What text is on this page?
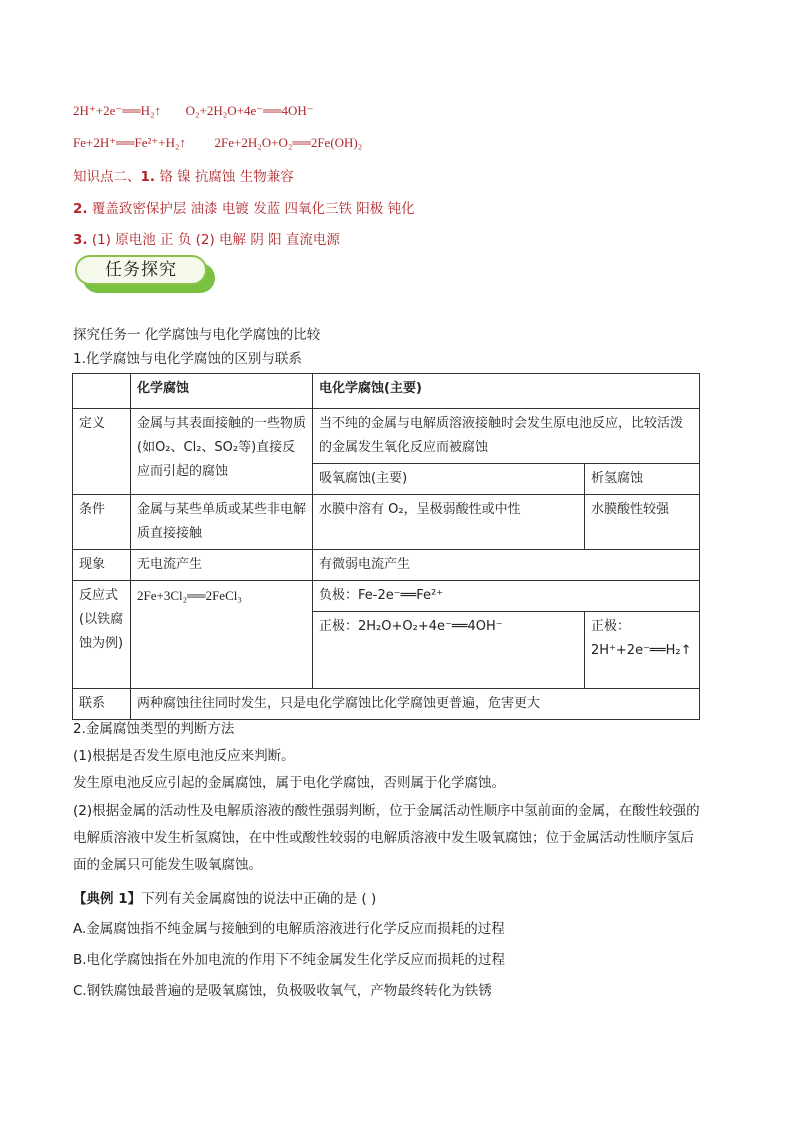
2H⁺+2e⁻══H₂↑ O₂+2H₂O+4e⁻══4OH⁻
Fe+2H⁺══Fe²⁺+H₂↑ 2Fe+2H₂O+O₂══2Fe(OH)₂
知识点二、1. 铬 镍 抗腐蚀 生物兼容
2. 覆盖致密保护层 油漆 电镀 发蓝 四氧化三铁 阳极 钝化
3. (1) 原电池 正 负 (2) 电解 阴 阳 直流电源
任务探究
探究任务一 化学腐蚀与电化学腐蚀的比较
1.化学腐蚀与电化学腐蚀的区别与联系
	化学腐蚀	电化学腐蚀(主要)	
定义	金属与其表面接触的一些物质(如O₂、Cl₂、SO₂等)直接反应而引起的腐蚀	当不纯的金属与电解质溶液接触时会发生原电池反应，比较活泼的金属发生氧化反应而被腐蚀	
		吸氧腐蚀(主要)	析氢腐蚀
条件	金属与某些单质或某些非电解质直接接触	水膜中溶有 O₂，呈极弱酸性或中性	水膜酸性较强
现象	无电流产生	有微弱电流产生	
反应式(以铁腐蚀为例)	2Fe+3Cl₂══2FeCl₃	负极：Fe-2e⁻══Fe²⁺	
		正极：2H₂O+O₂+4e⁻══4OH⁻	正极：2H⁺+2e⁻══H₂↑
联系	两种腐蚀往往同时发生，只是电化学腐蚀比化学腐蚀更普遍，危害更大		
2.金属腐蚀类型的判断方法
(1)根据是否发生原电池反应来判断。
发生原电池反应引起的金属腐蚀，属于电化学腐蚀，否则属于化学腐蚀。
(2)根据金属的活动性及电解质溶液的酸性强弱判断，位于金属活动性顺序中氢前面的金属，在酸性较强的
电解质溶液中发生析氢腐蚀，在中性或酸性较弱的电解质溶液中发生吸氧腐蚀；位于金属活动性顺序氢后
面的金属只可能发生吸氧腐蚀。
【典例 1】下列有关金属腐蚀的说法中正确的是 ( )
A.金属腐蚀指不纯金属与接触到的电解质溶液进行化学反应而损耗的过程
B.电化学腐蚀指在外加电流的作用下不纯金属发生化学反应而损耗的过程
C.钢铁腐蚀最普遍的是吸氧腐蚀，负极吸收氧气，产物最终转化为铁锈
